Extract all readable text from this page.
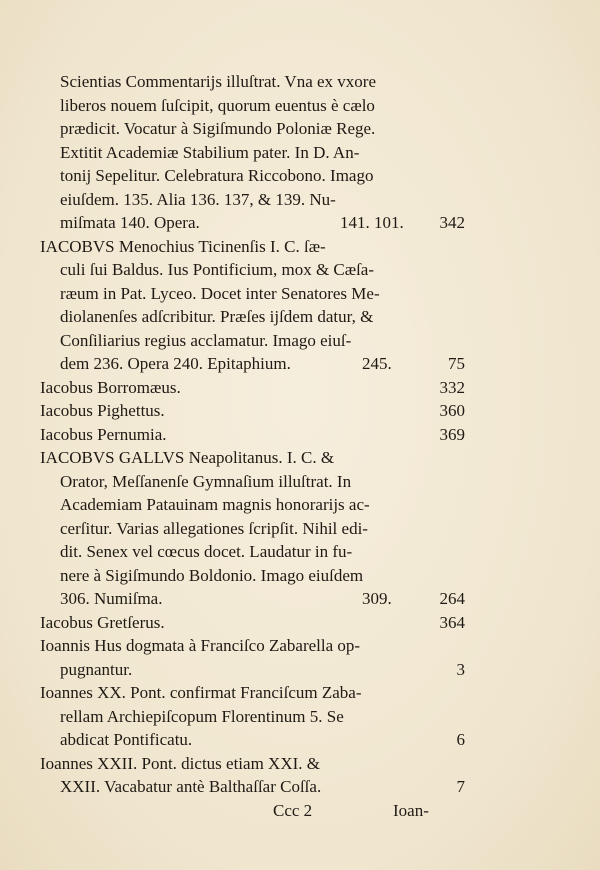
Scientias Commentarijs illuſtrat. Vna ex vxore
liberos nouem ſuſcipit, quorum euentus è cælo
prædicit. Vocatur à Sigiſmundo Poloniæ Rege.
Extitit Academiæ Stabilium pater. In D. An-
tonij Sepelitur. Celebratura Riccobono. Imago
eiuſdem. 135. Alia 136. 137, & 139. Nu-
miſmata 140. Opera.	141. 101. 342
IACOBVS Menochius Ticinenſis I. C. ſæ-
culi ſui Baldus. Ius Pontificium, mox & Cæſa-
ræum in Pat. Lyceo. Docet inter Senatores Me-
diolanenſes adſcribitur. Præſes ijſdem datur, &
Conſiliarius regius acclamatur. Imago eiuſ-
dem 236. Opera 240. Epitaphium.	245.	75
Iacobus Borromæus.	332
Iacobus Pighettus.	360
Iacobus Pernumia.	369
IACOBVS GALLVS Neapolitanus. I. C. &
Orator, Meſſanenſe Gymnaſium illuſtrat. In
Academiam Patauinam magnis honorarijs ac-
cerſitur. Varias allegationes ſcripſit. Nihil edi-
dit. Senex vel cœcus docet. Laudatur in fu-
nere à Sigiſmundo Boldonio. Imago eiuſdem
306. Numiſma.	309.	264
Iacobus Gretſerus.	364
Ioannis Hus dogmata à Franciſco Zabarella op-
pugnantur.	3
Ioannes XX. Pont. confirmat Franciſcum Zaba-
rellam Archiepiſcopum Florentinum 5. Se
abdicat Pontificatu.	6
Ioannes XXII. Pont. dictus etiam XXI. &
XXII. Vacabatur antè Balthaſſar Coſſa.	7
Ccc 2	Ioan-
